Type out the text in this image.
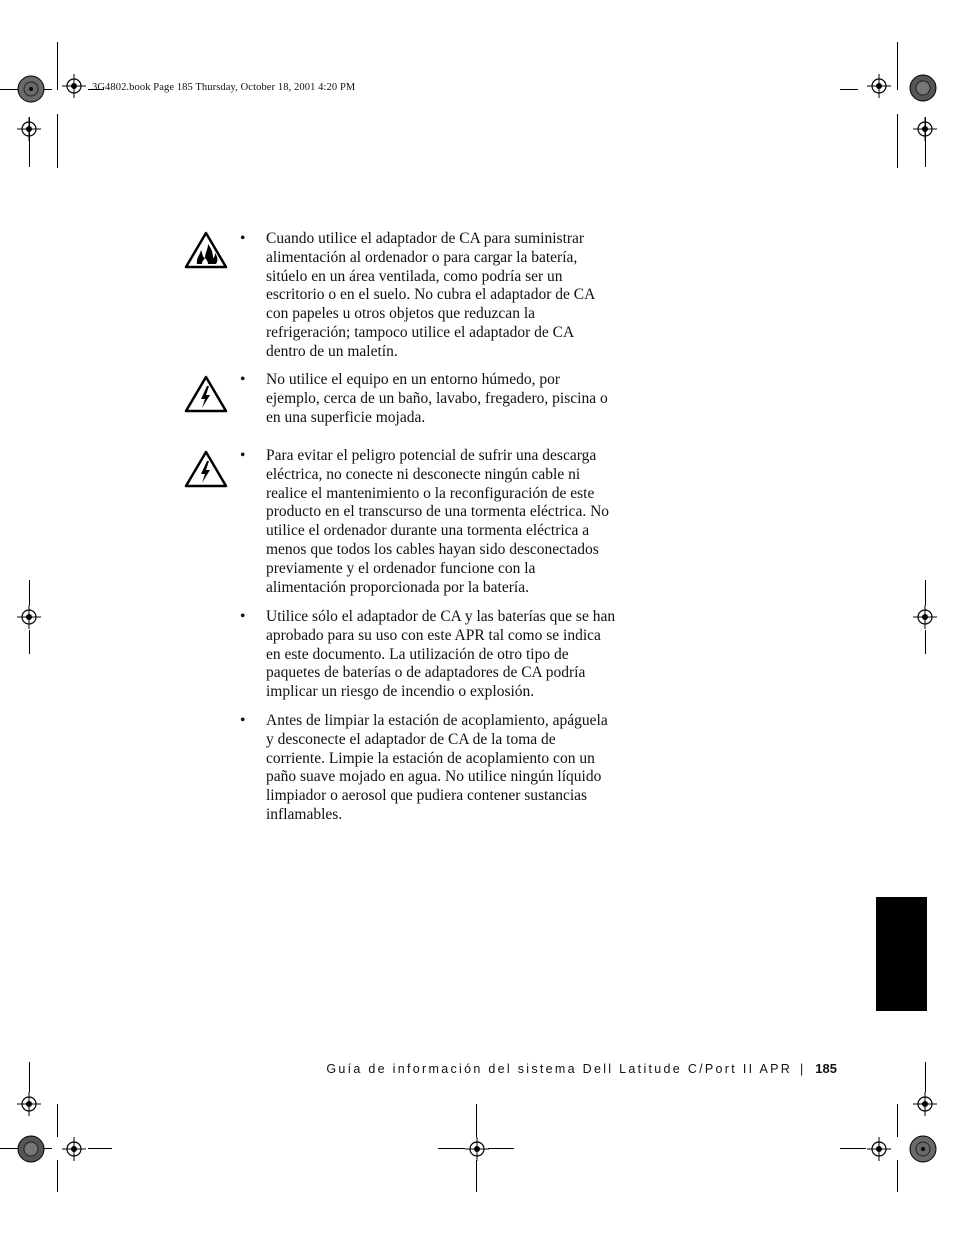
3G4802.book Page 185 Thursday, October 18, 2001 4:20 PM
• Cuando utilice el adaptador de CA para suministrar
alimentación al ordenador o para cargar la batería,
sitúelo en un área ventilada, como podría ser un
escritorio o en el suelo. No cubra el adaptador de CA
con papeles u otros objetos que reduzcan la
refrigeración; tampoco utilice el adaptador de CA
dentro de un maletín.
• No utilice el equipo en un entorno húmedo, por
ejemplo, cerca de un baño, lavabo, fregadero, piscina o
en una superficie mojada.
• Para evitar el peligro potencial de sufrir una descarga
eléctrica, no conecte ni desconecte ningún cable ni
realice el mantenimiento o la reconfiguración de este
producto en el transcurso de una tormenta eléctrica. No
utilice el ordenador durante una tormenta eléctrica a
menos que todos los cables hayan sido desconectados
previamente y el ordenador funcione con la
alimentación proporcionada por la batería.
• Utilice sólo el adaptador de CA y las baterías que se han
aprobado para su uso con este APR tal como se indica
en este documento. La utilización de otro tipo de
paquetes de baterías o de adaptadores de CA podría
implicar un riesgo de incendio o explosión.
• Antes de limpiar la estación de acoplamiento, apáguela
y desconecte el adaptador de CA de la toma de
corriente. Limpie la estación de acoplamiento con un
paño suave mojado en agua. No utilice ningún líquido
limpiador o aerosol que pudiera contener sustancias
inflamables.
Guía de información del sistema Dell Latitude C/Port II APR | 185
